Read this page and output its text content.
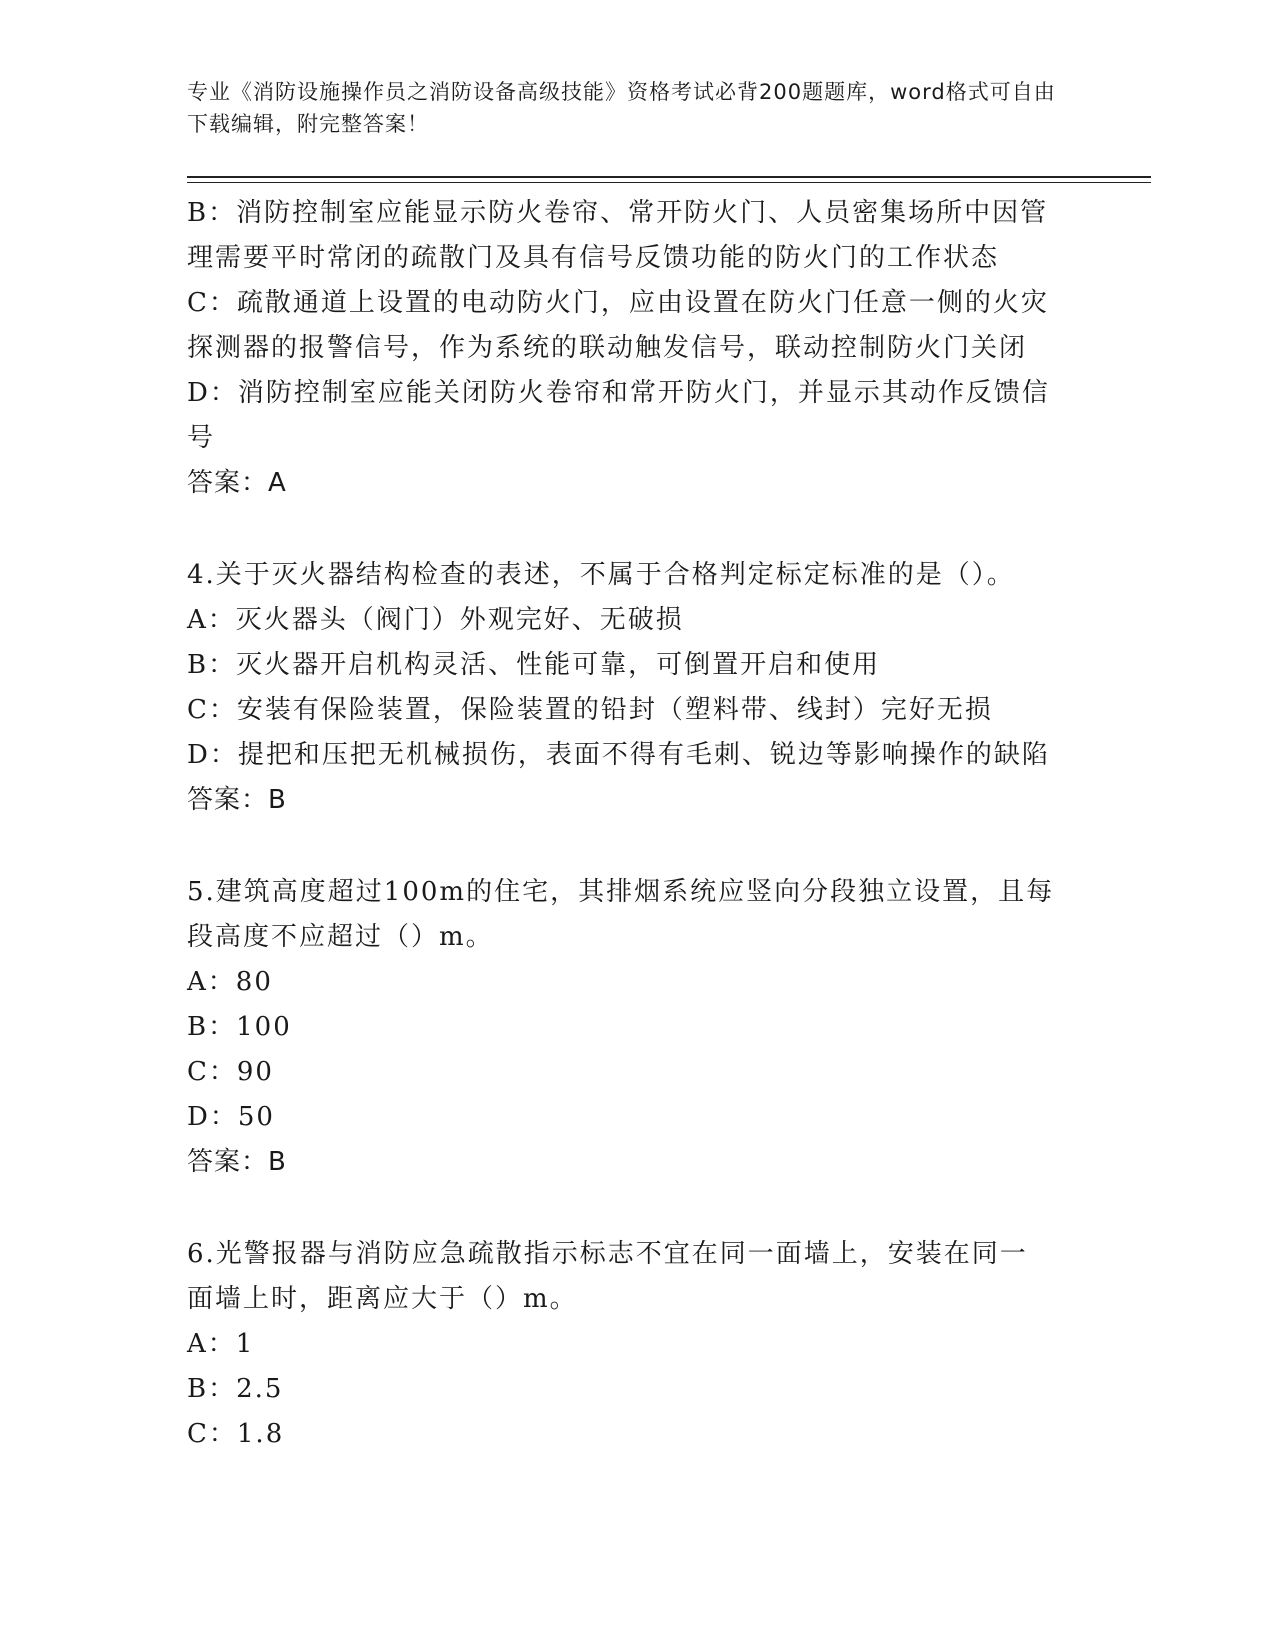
专业《消防设施操作员之消防设备高级技能》资格考试必背200题题库，word格式可自由下载编辑，附完整答案！
B：消防控制室应能显示防火卷帘、常开防火门、人员密集场所中因管
理需要平时常闭的疏散门及具有信号反馈功能的防火门的工作状态
C：疏散通道上设置的电动防火门，应由设置在防火门任意一侧的火灾
探测器的报警信号，作为系统的联动触发信号，联动控制防火门关闭
D：消防控制室应能关闭防火卷帘和常开防火门，并显示其动作反馈信
号
答案：A
4.关于灭火器结构检查的表述，不属于合格判定标定标准的是（）。
A：灭火器头（阀门）外观完好、无破损
B：灭火器开启机构灵活、性能可靠，可倒置开启和使用
C：安装有保险装置，保险装置的铅封（塑料带、线封）完好无损
D：提把和压把无机械损伤，表面不得有毛刺、锐边等影响操作的缺陷
答案：B
5.建筑高度超过100m的住宅，其排烟系统应竖向分段独立设置，且每
段高度不应超过（）m。
A：80
B：100
C：90
D：50
答案：B
6.光警报器与消防应急疏散指示标志不宜在同一面墙上，安装在同一
面墙上时，距离应大于（）m。
A：1
B：2.5
C：1.8
